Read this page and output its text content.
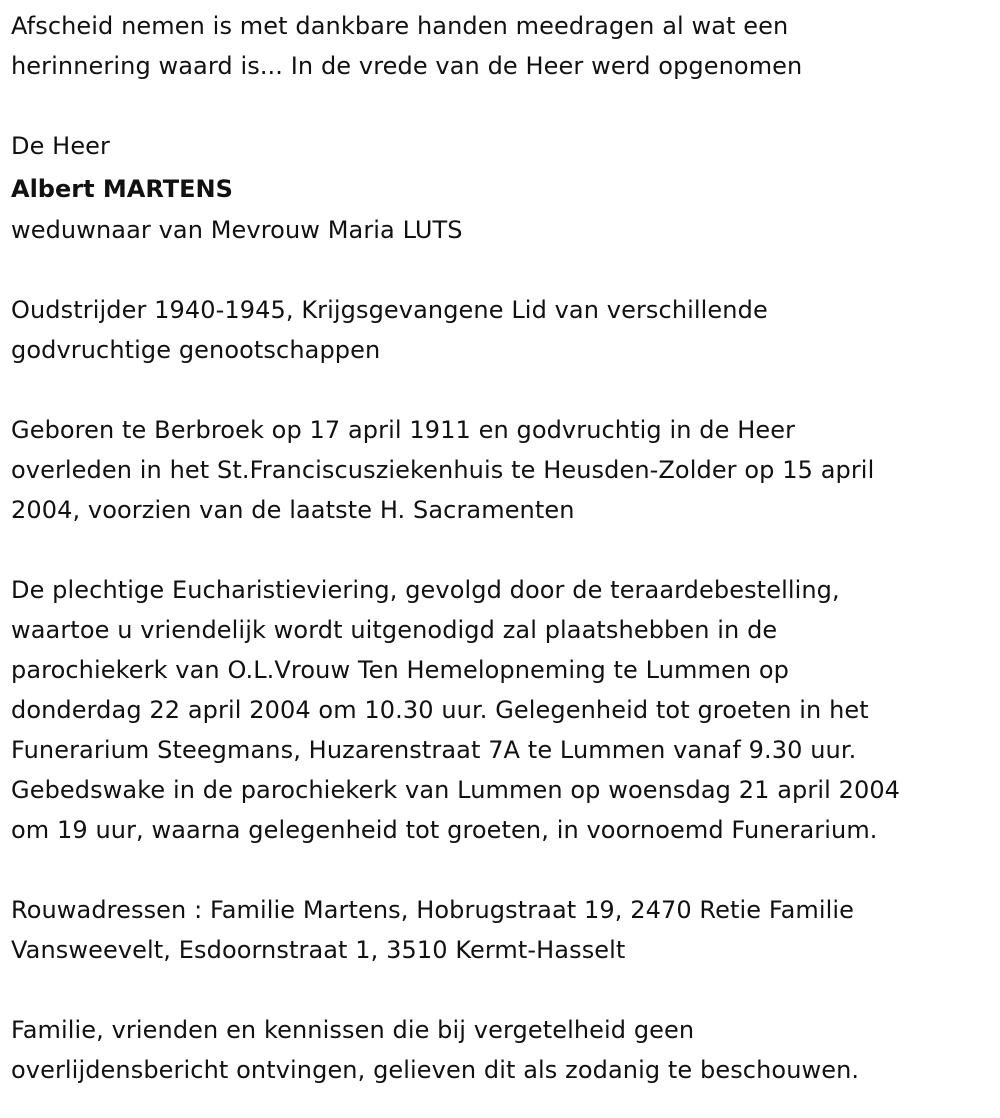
Afscheid nemen is met dankbare handen meedragen al wat een
herinnering waard is... In de vrede van de Heer werd opgenomen
De Heer
Albert MARTENS
weduwnaar van Mevrouw Maria LUTS
Oudstrijder 1940-1945, Krijgsgevangene Lid van verschillende
godvruchtige genootschappen
Geboren te Berbroek op 17 april 1911 en godvruchtig in de Heer
overleden in het St.Franciscusziekenhuis te Heusden-Zolder op 15 april
2004, voorzien van de laatste H. Sacramenten
De plechtige Eucharistieviering, gevolgd door de teraardebestelling,
waartoe u vriendelijk wordt uitgenodigd zal plaatshebben in de
parochiekerk van O.L.Vrouw Ten Hemelopneming te Lummen op
donderdag 22 april 2004 om 10.30 uur. Gelegenheid tot groeten in het
Funerarium Steegmans, Huzarenstraat 7A te Lummen vanaf 9.30 uur.
Gebedswake in de parochiekerk van Lummen op woensdag 21 april 2004
om 19 uur, waarna gelegenheid tot groeten, in voornoemd Funerarium.
Rouwadressen : Familie Martens, Hobrugstraat 19, 2470 Retie Familie
Vansweevelt, Esdoornstraat 1, 3510 Kermt-Hasselt
Familie, vrienden en kennissen die bij vergetelheid geen
overlijdensbericht ontvingen, gelieven dit als zodanig te beschouwen.
